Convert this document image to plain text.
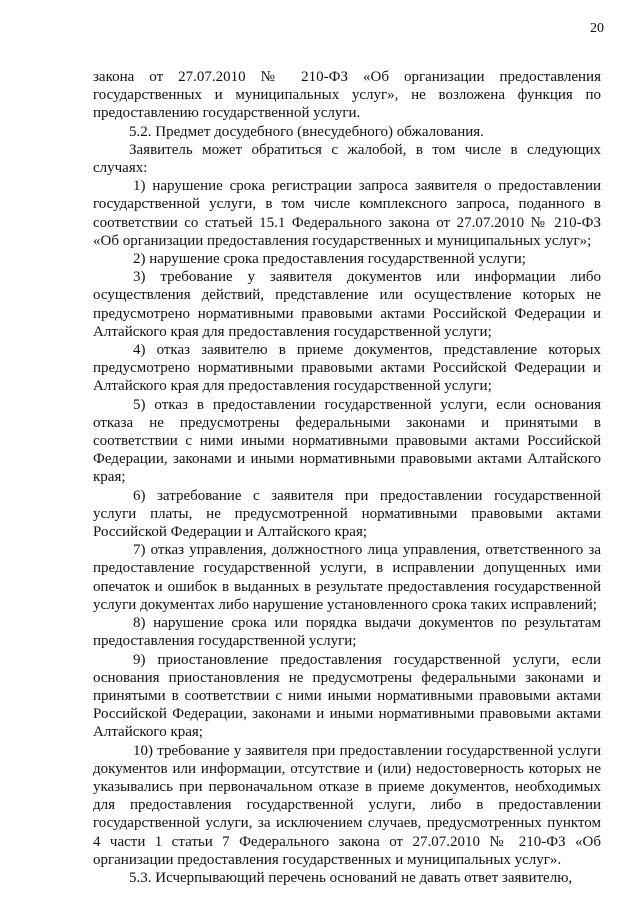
20

закона от 27.07.2010 № 210-ФЗ «Об организации предоставления государственных и муниципальных услуг», не возложена функция по предоставлению государственной услуги.

5.2. Предмет досудебного (внесудебного) обжалования.

Заявитель может обратиться с жалобой, в том числе в следующих случаях:

1) нарушение срока регистрации запроса заявителя о предоставлении государственной услуги, в том числе комплексного запроса, поданного в соответствии со статьей 15.1 Федерального закона от 27.07.2010 № 210-ФЗ «Об организации предоставления государственных и муниципальных услуг»;

2) нарушение срока предоставления государственной услуги;

3) требование у заявителя документов или информации либо осуществления действий, представление или осуществление которых не предусмотрено нормативными правовыми актами Российской Федерации и Алтайского края для предоставления государственной услуги;

4) отказ заявителю в приеме документов, представление которых предусмотрено нормативными правовыми актами Российской Федерации и Алтайского края для предоставления государственной услуги;

5) отказ в предоставлении государственной услуги, если основания отказа не предусмотрены федеральными законами и принятыми в соответствии с ними иными нормативными правовыми актами Российской Федерации, законами и иными нормативными правовыми актами Алтайского края;

6) затребование с заявителя при предоставлении государственной услуги платы, не предусмотренной нормативными правовыми актами Российской Федерации и Алтайского края;

7) отказ управления, должностного лица управления, ответственного за предоставление государственной услуги, в исправлении допущенных ими опечаток и ошибок в выданных в результате предоставления государственной услуги документах либо нарушение установленного срока таких исправлений;

8) нарушение срока или порядка выдачи документов по результатам предоставления государственной услуги;

9) приостановление предоставления государственной услуги, если основания приостановления не предусмотрены федеральными законами и принятыми в соответствии с ними иными нормативными правовыми актами Российской Федерации, законами и иными нормативными правовыми актами Алтайского края;

10) требование у заявителя при предоставлении государственной услуги документов или информации, отсутствие и (или) недостоверность которых не указывались при первоначальном отказе в приеме документов, необходимых для предоставления государственной услуги, либо в предоставлении государственной услуги, за исключением случаев, предусмотренных пунктом 4 части 1 статьи 7 Федерального закона от 27.07.2010 № 210-ФЗ «Об организации предоставления государственных и муниципальных услуг».

5.3. Исчерпывающий перечень оснований не давать ответ заявителю,
